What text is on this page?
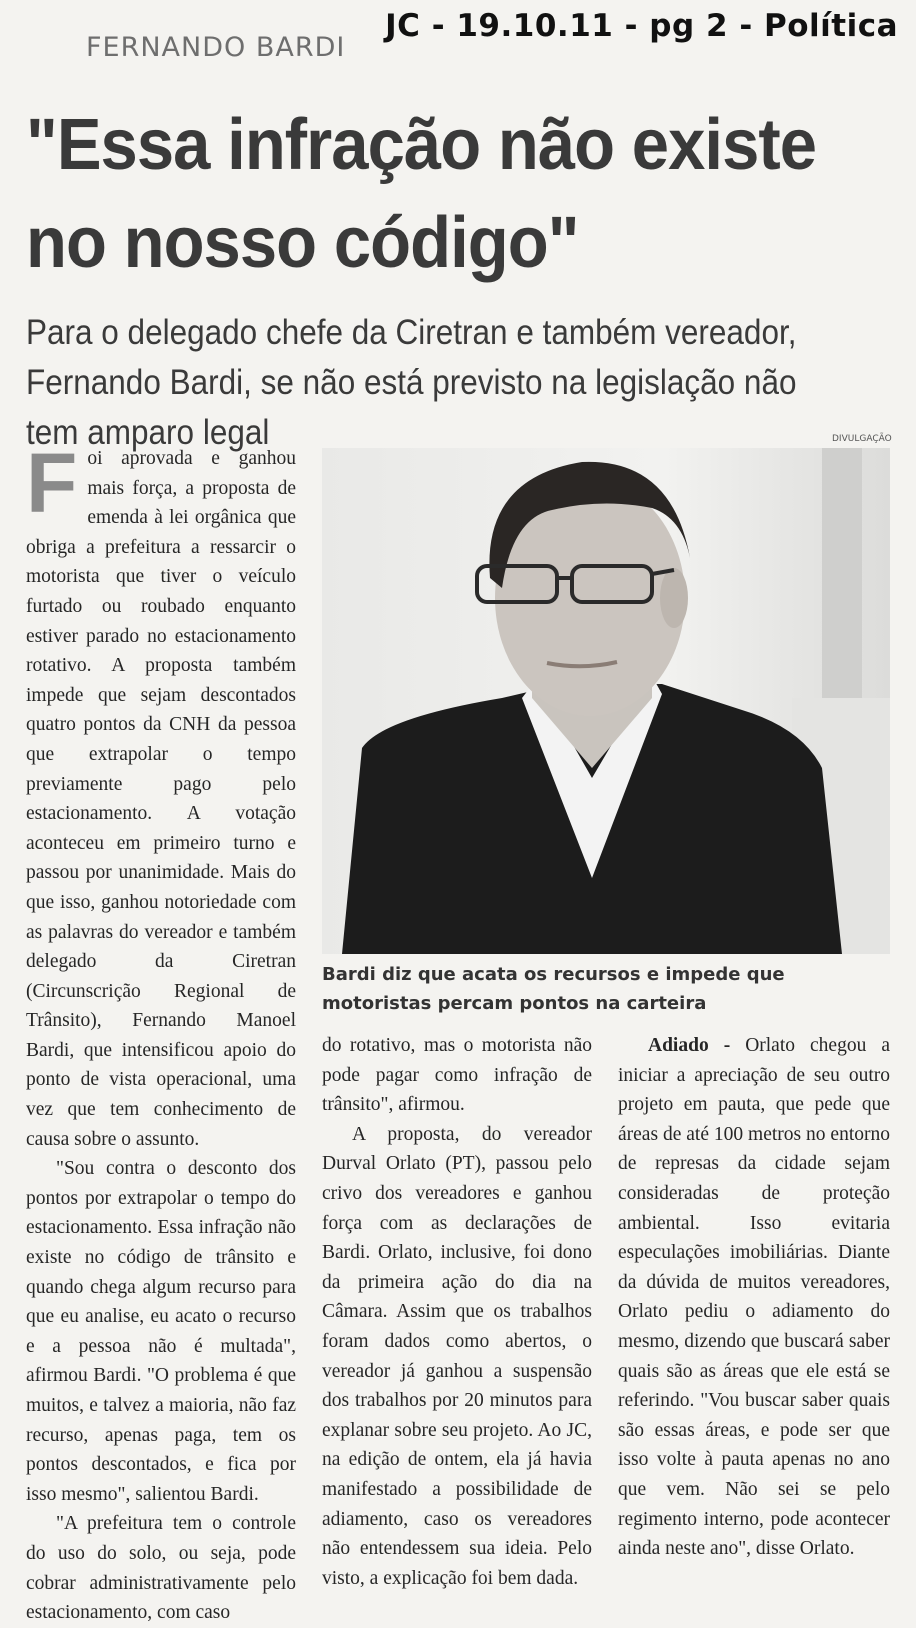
JC - 19.10.11 - pg 2 - Política
FERNANDO BARDI
"Essa infração não existe no nosso código"

Para o delegado chefe da Ciretran e também vereador, Fernando Bardi, se não está previsto na legislação não tem amparo legal	DIVULGAÇÃO

Bardi diz que acata os recursos e impede que motoristas percam pontos na carteira

Foi aprovada e ganhou mais força, a proposta de emenda à lei orgânica que obriga a prefeitura a ressarcir o motorista que tiver o veículo furtado ou roubado enquanto estiver parado no estacionamento rotativo. A proposta também impede que sejam descontados quatro pontos da CNH da pessoa que extrapolar o tempo previamente pago pelo estacionamento. A votação aconteceu em primeiro turno e passou por unanimidade. Mais do que isso, ganhou notoriedade com as palavras do vereador e também delegado da Ciretran (Circunscrição Regional de Trânsito), Fernando Manoel Bardi, que intensificou apoio do ponto de vista operacional, uma vez que tem conhecimento de causa sobre o assunto.

"Sou contra o desconto dos pontos por extrapolar o tempo do estacionamento. Essa infração não existe no código de trânsito e quando chega algum recurso para que eu analise, eu acato o recurso e a pessoa não é multada", afirmou Bardi. "O problema é que muitos, e talvez a maioria, não faz recurso, apenas paga, tem os pontos descontados, e fica por isso mesmo", salientou Bardi.

"A prefeitura tem o controle do uso do solo, ou seja, pode cobrar administrativamente pelo estacionamento, com caso

do rotativo, mas o motorista não pode pagar como infração de trânsito", afirmou.

A proposta, do vereador Durval Orlato (PT), passou pelo crivo dos vereadores e ganhou força com as declarações de Bardi. Orlato, inclusive, foi dono da primeira ação do dia na Câmara. Assim que os trabalhos foram dados como abertos, o vereador já ganhou a suspensão dos trabalhos por 20 minutos para explanar sobre seu projeto. Ao JC, na edição de ontem, ela já havia manifestado a possibilidade de adiamento, caso os vereadores não entendessem sua ideia. Pelo visto, a explicação foi bem dada.

Adiado - Orlato chegou a iniciar a apreciação de seu outro projeto em pauta, que pede que áreas de até 100 metros no entorno de represas da cidade sejam consideradas de proteção ambiental. Isso evitaria especulações imobiliárias. Diante da dúvida de muitos vereadores, Orlato pediu o adiamento do mesmo, dizendo que buscará saber quais são as áreas que ele está se referindo. "Vou buscar saber quais são essas áreas, e pode ser que isso volte à pauta apenas no ano que vem. Não sei se pelo regimento interno, pode acontecer ainda neste ano", disse Orlato.
